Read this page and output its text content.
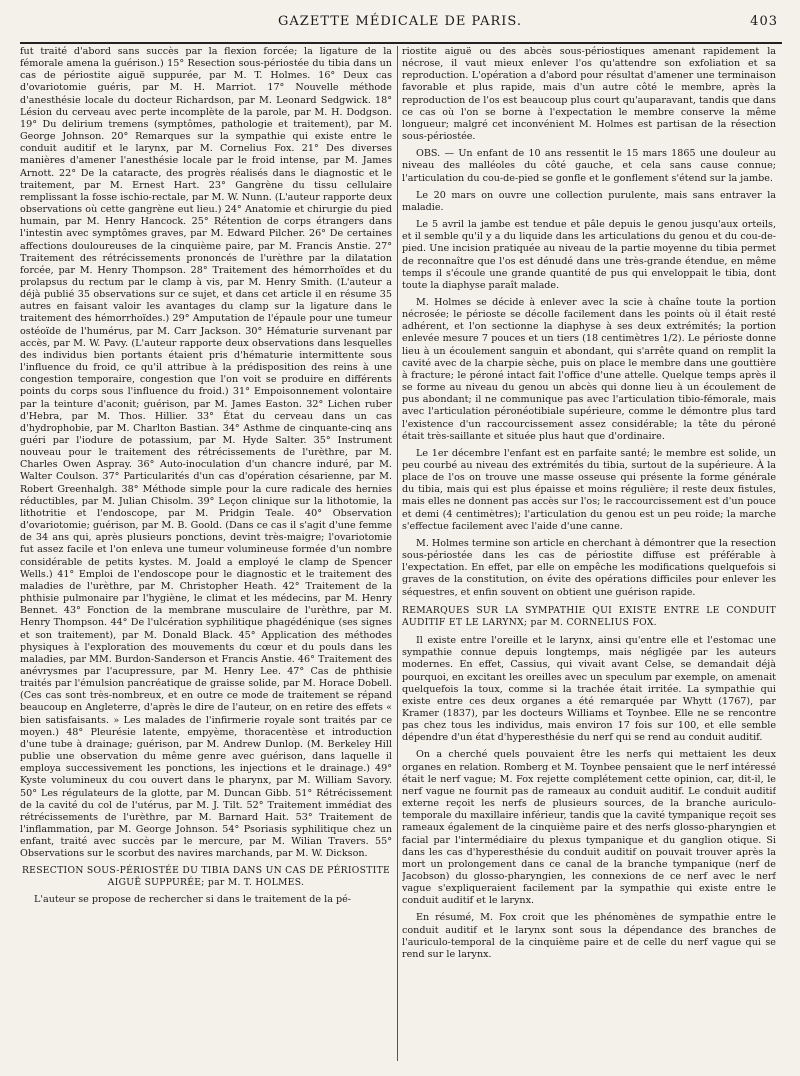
GAZETTE MÉDICALE DE PARIS.	403

fut traité d'abord sans succès par la flexion forcée; la ligature de la fémorale amena la guérison.) 15° Resection sous-périostée du tibia dans un cas de périostite aiguë suppurée, par M. T. Holmes. 16° Deux cas d'ovariotomie guéris, par M. H. Marriot. 17° Nouvelle méthode d'anesthésie locale du docteur Richardson, par M. Leonard Sedgwick. 18° Lésion du cerveau avec perte incomplète de la parole, par M. H. Dodgson. 19° Du delirium tremens (symptômes, pathologie et traitement), par M. George Johnson. 20° Remarques sur la sympathie qui existe entre le conduit auditif et le larynx, par M. Cornelius Fox. 21° Des diverses manières d'amener l'anesthésie locale par le froid intense, par M. James Arnott. 22° De la cataracte, des progrès réalisés dans le diagnostic et le traitement, par M. Ernest Hart. 23° Gangrène du tissu cellulaire remplissant la fosse ischio-rectale, par M. W. Nunn. (L'auteur rapporte deux observations où cette gangrène eut lieu.) 24° Anatomie et chirurgie du pied humain, par M. Henry Hancock. 25° Rétention de corps étrangers dans l'intestin avec symptômes graves, par M. Edward Pilcher. 26° De certaines affections douloureuses de la cinquième paire, par M. Francis Anstie. 27° Traitement des rétrécissements prononcés de l'urèthre par la dilatation forcée, par M. Henry Thompson. 28° Traitement des hémorrhoïdes et du prolapsus du rectum par le clamp à vis, par M. Henry Smith. (L'auteur a déjà publié 35 observations sur ce sujet, et dans cet article il en résume 35 autres en faisant valoir les avantages du clamp sur la ligature dans le traitement des hémorrhoïdes.) 29° Amputation de l'épaule pour une tumeur ostéoïde de l'humérus, par M. Carr Jackson. 30° Hématurie survenant par accès, par M. W. Pavy. (L'auteur rapporte deux observations dans lesquelles des individus bien portants étaient pris d'hématurie intermittente sous l'influence du froid, ce qu'il attribue à la prédisposition des reins à une congestion temporaire, congestion que l'on voit se produire en différents points du corps sous l'influence du froid.) 31° Empoisonnement volontaire par la teinture d'aconit; guérison, par M. James Easton. 32° Lichen ruber d'Hebra, par M. Thos. Hillier. 33° État du cerveau dans un cas d'hydrophobie, par M. Charlton Bastian. 34° Asthme de cinquante-cinq ans guéri par l'iodure de potassium, par M. Hyde Salter. 35° Instrument nouveau pour le traitement des rétrécissements de l'urèthre, par M. Charles Owen Aspray. 36° Auto-inoculation d'un chancre induré, par M. Walter Coulson. 37° Particularités d'un cas d'opération césarienne, par M. Robert Greenhalgh. 38° Méthode simple pour la cure radicale des hernies réductibles, par M. Julian Chisolm. 39° Leçon clinique sur la lithotomie, la lithotritie et l'endoscope, par M. Pridgin Teale. 40° Observation d'ovariotomie; guérison, par M. B. Goold. (Dans ce cas il s'agit d'une femme de 34 ans qui, après plusieurs ponctions, devint très-maigre; l'ovariotomie fut assez facile et l'on enleva une tumeur volumineuse formée d'un nombre considérable de petits kystes. M. Joald a employé le clamp de Spencer Wells.) 41° Emploi de l'endoscope pour le diagnostic et le traitement des maladies de l'urèthre, par M. Christopher Heath. 42° Traitement de la phthisie pulmonaire par l'hygiène, le climat et les médecins, par M. Henry Bennet. 43° Fonction de la membrane musculaire de l'urèthre, par M. Henry Thompson. 44° De l'ulcération syphilitique phagédénique (ses signes et son traitement), par M. Donald Black. 45° Application des méthodes physiques à l'exploration des mouvements du cœur et du pouls dans les maladies, par MM. Burdon-Sanderson et Francis Anstie. 46° Traitement des anévrysmes par l'acupressure, par M. Henry Lee. 47° Cas de phthisie traités par l'émulsion pancréatique de graisse solide, par M. Horace Dobell. (Ces cas sont très-nombreux, et en outre ce mode de traitement se répand beaucoup en Angleterre, d'après le dire de l'auteur, on en retire des effets « bien satisfaisants. » Les malades de l'infirmerie royale sont traités par ce moyen.) 48° Pleurésie latente, empyème, thoracentèse et introduction d'une tube à drainage; guérison, par M. Andrew Dunlop. (M. Berkeley Hill publie une observation du même genre avec guérison, dans laquelle il employa successivement les ponctions, les injections et le drainage.) 49° Kyste volumineux du cou ouvert dans le pharynx, par M. William Savory. 50° Les régulateurs de la glotte, par M. Duncan Gibb. 51° Rétrécissement de la cavité du col de l'utérus, par M. J. Tilt. 52° Traitement immédiat des rétrécissements de l'urèthre, par M. Barnard Hait. 53° Traitement de l'inflammation, par M. George Johnson. 54° Psoriasis syphilitique chez un enfant, traité avec succès par le mercure, par M. Wilian Travers. 55° Observations sur le scorbut des navires marchands, par M. W. Dickson.

RESECTION SOUS-PÉRIOSTÉE DU TIBIA DANS UN CAS DE PÉRIOSTITE AIGUË SUPPURÉE; par M. T. HOLMES.

L'auteur se propose de rechercher si dans le traitement de la pé-

riostite aiguë ou des abcès sous-périostiques amenant rapidement la nécrose, il vaut mieux enlever l'os qu'attendre son exfoliation et sa reproduction. L'opération a d'abord pour résultat d'amener une terminaison favorable et plus rapide, mais d'un autre côté le membre, après la reproduction de l'os est beaucoup plus court qu'auparavant, tandis que dans ce cas où l'on se borne à l'expectation le membre conserve la même longueur; malgré cet inconvénient M. Holmes est partisan de la résection sous-périostée.

OBS. — Un enfant de 10 ans ressentit le 15 mars 1865 une douleur au niveau des malléoles du côté gauche, et cela sans cause connue; l'articulation du cou-de-pied se gonfle et le gonflement s'étend sur la jambe.

Le 20 mars on ouvre une collection purulente, mais sans entraver la maladie.

Le 5 avril la jambe est tendue et pâle depuis le genou jusqu'aux orteils, et il semble qu'il y a du liquide dans les articulations du genou et du cou-de-pied. Une incision pratiquée au niveau de la partie moyenne du tibia permet de reconnaître que l'os est dénudé dans une très-grande étendue, en même temps il s'écoule une grande quantité de pus qui enveloppait le tibia, dont toute la diaphyse paraît malade.

M. Holmes se décide à enlever avec la scie à chaîne toute la portion nécrosée; le périoste se décolle facilement dans les points où il était resté adhérent, et l'on sectionne la diaphyse à ses deux extrémités; la portion enlevée mesure 7 pouces et un tiers (18 centimètres 1/2). Le périoste donne lieu à un écoulement sanguin et abondant, qui s'arrête quand on remplit la cavité avec de la charpie sèche, puis on place le membre dans une gouttière à fracture; le péroné intact fait l'office d'une attelle. Quelque temps après il se forme au niveau du genou un abcès qui donne lieu à un écoulement de pus abondant; il ne communique pas avec l'articulation tibio-fémorale, mais avec l'articulation péronéotibiale supérieure, comme le démontre plus tard l'existence d'un raccourcissement assez considérable; la tête du péroné était très-saillante et située plus haut que d'ordinaire.

Le 1er décembre l'enfant est en parfaite santé; le membre est solide, un peu courbé au niveau des extrémités du tibia, surtout de la supérieure. À la place de l'os on trouve une masse osseuse qui présente la forme générale du tibia, mais qui est plus épaisse et moins régulière; il reste deux fistules, mais elles ne donnent pas accès sur l'os; le raccourcissement est d'un pouce et demi (4 centimètres); l'articulation du genou est un peu roide; la marche s'effectue facilement avec l'aide d'une canne.

M. Holmes termine son article en cherchant à démontrer que la resection sous-périostée dans les cas de périostite diffuse est préférable à l'expectation. En effet, par elle on empêche les modifications quelquefois si graves de la constitution, on évite des opérations difficiles pour enlever les séquestres, et enfin souvent on obtient une guérison rapide.

REMARQUES SUR LA SYMPATHIE QUI EXISTE ENTRE LE CONDUIT AUDITIF ET LE LARYNX; par M. CORNELIUS FOX.

Il existe entre l'oreille et le larynx, ainsi qu'entre elle et l'estomac une sympathie connue depuis longtemps, mais négligée par les auteurs modernes. En effet, Cassius, qui vivait avant Celse, se demandait déjà pourquoi, en excitant les oreilles avec un speculum par exemple, on amenait quelquefois la toux, comme si la trachée était irritée. La sympathie qui existe entre ces deux organes a été remarquée par Whytt (1767), par Kramer (1837), par les docteurs Williams et Toynbee. Elle ne se rencontre pas chez tous les individus, mais environ 17 fois sur 100, et elle semble dépendre d'un état d'hyperesthésie du nerf qui se rend au conduit auditif.

On a cherché quels pouvaient être les nerfs qui mettaient les deux organes en relation. Romberg et M. Toynbee pensaient que le nerf intéressé était le nerf vague; M. Fox rejette complétement cette opinion, car, dit-il, le nerf vague ne fournit pas de rameaux au conduit auditif. Le conduit auditif externe reçoit les nerfs de plusieurs sources, de la branche auriculo-temporale du maxillaire inférieur, tandis que la cavité tympanique reçoit ses rameaux également de la cinquième paire et des nerfs glosso-pharyngien et facial par l'intermédiaire du plexus tympanique et du ganglion otique. Si dans les cas d'hyperesthésie du conduit auditif on pouvait trouver après la mort un prolongement dans ce canal de la branche tympanique (nerf de Jacobson) du glosso-pharyngien, les connexions de ce nerf avec le nerf vague s'expliqueraient facilement par la sympathie qui existe entre le conduit auditif et le larynx.

En résumé, M. Fox croit que les phénomènes de sympathie entre le conduit auditif et le larynx sont sous la dépendance des branches de l'auriculo-temporal de la cinquième paire et de celle du nerf vague qui se rend sur le larynx.
